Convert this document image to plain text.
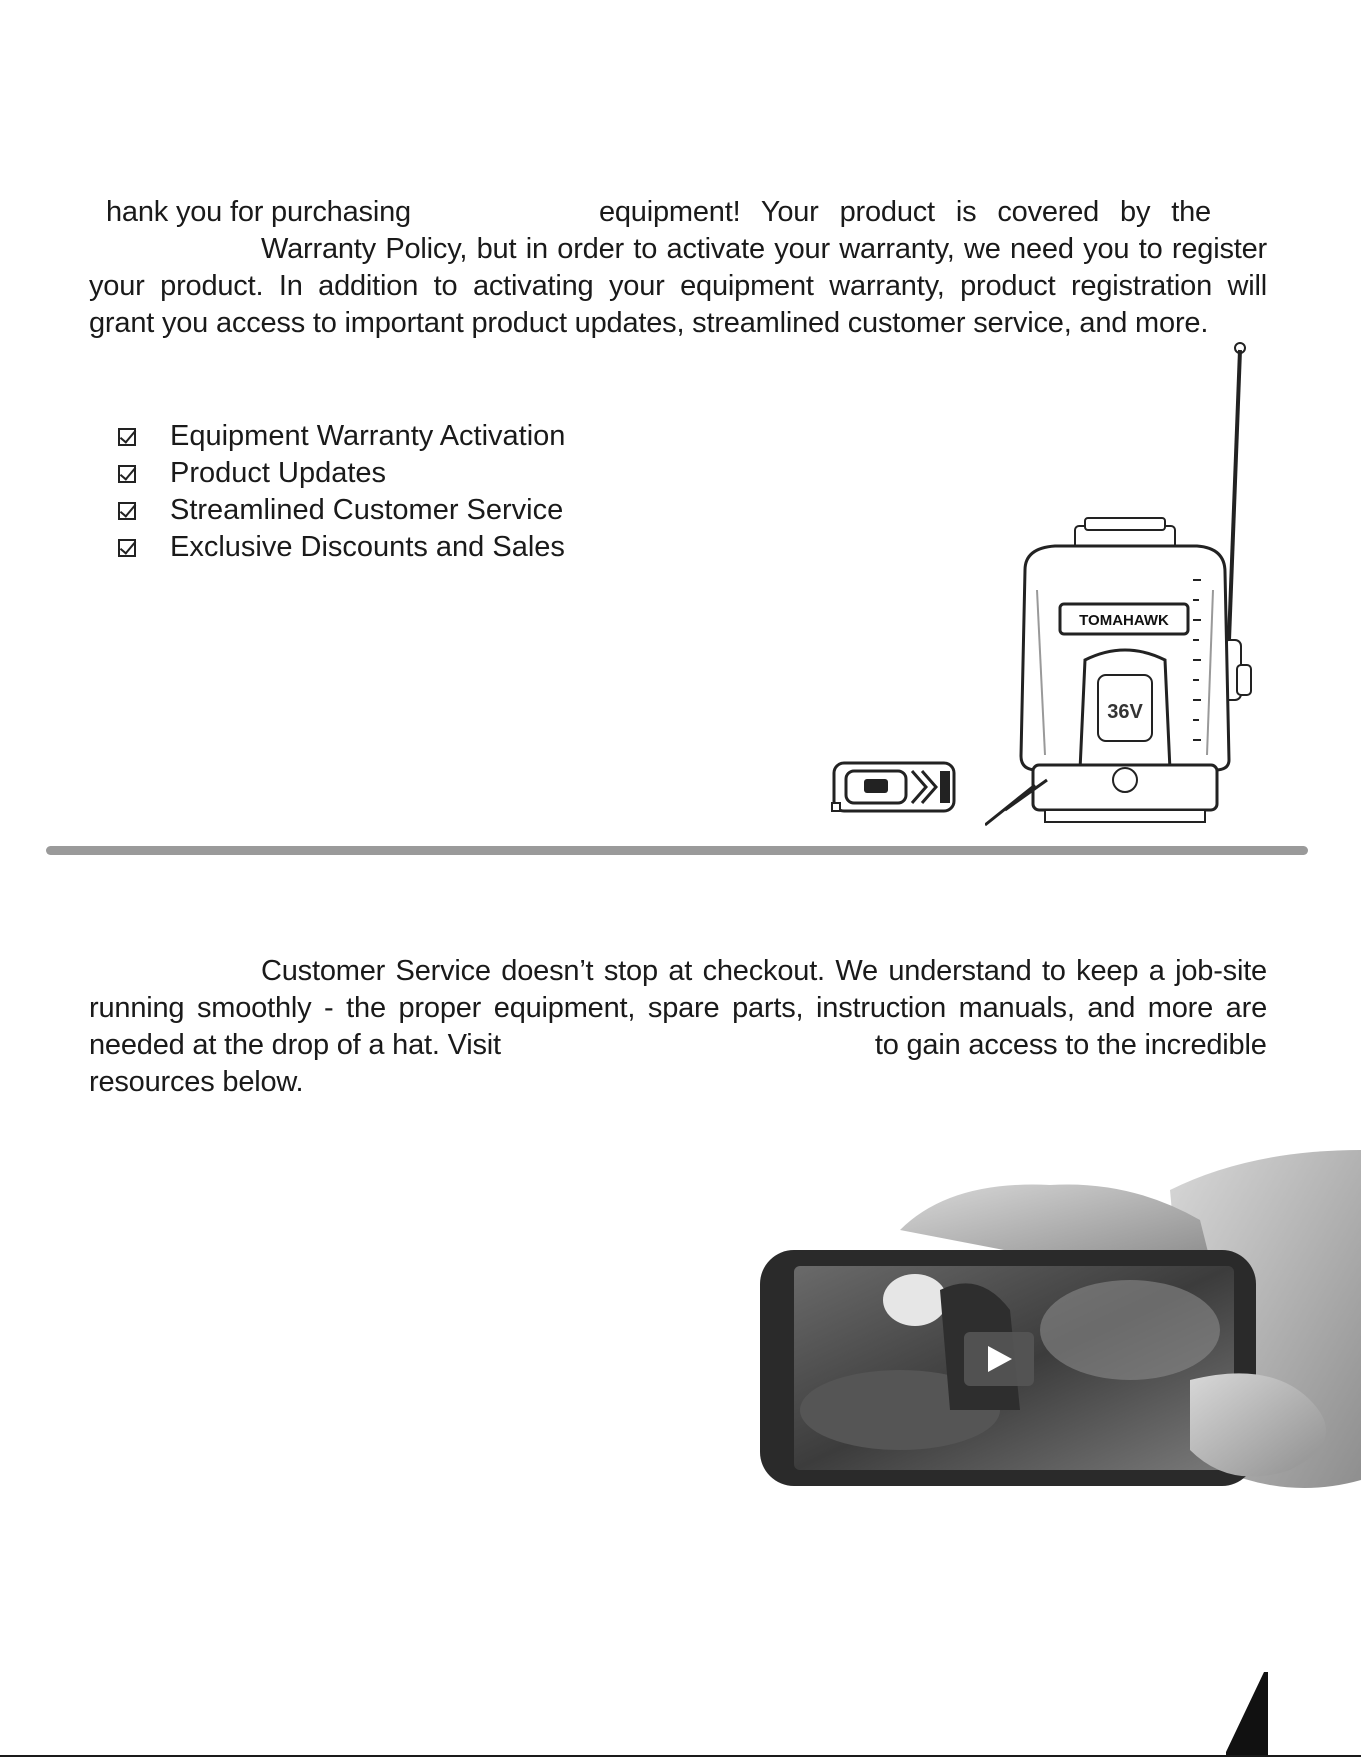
hank you for purchasing	equipment! Your product is covered by the
Warranty Policy, but in order to activate your warranty, we need you to register
your product. In addition to activating your equipment warranty, product registration will
grant you access to important product updates, streamlined customer service, and more.
Equipment Warranty Activation
Product Updates
Streamlined Customer Service
Exclusive Discounts and Sales
TOMAHAWK
36V
Customer Service doesn’t stop at checkout. We understand to keep a job-site
running smoothly - the proper equipment, spare parts, instruction manuals, and more are
needed at the drop of a hat. Visit	to gain access to the incredible
resources below.
